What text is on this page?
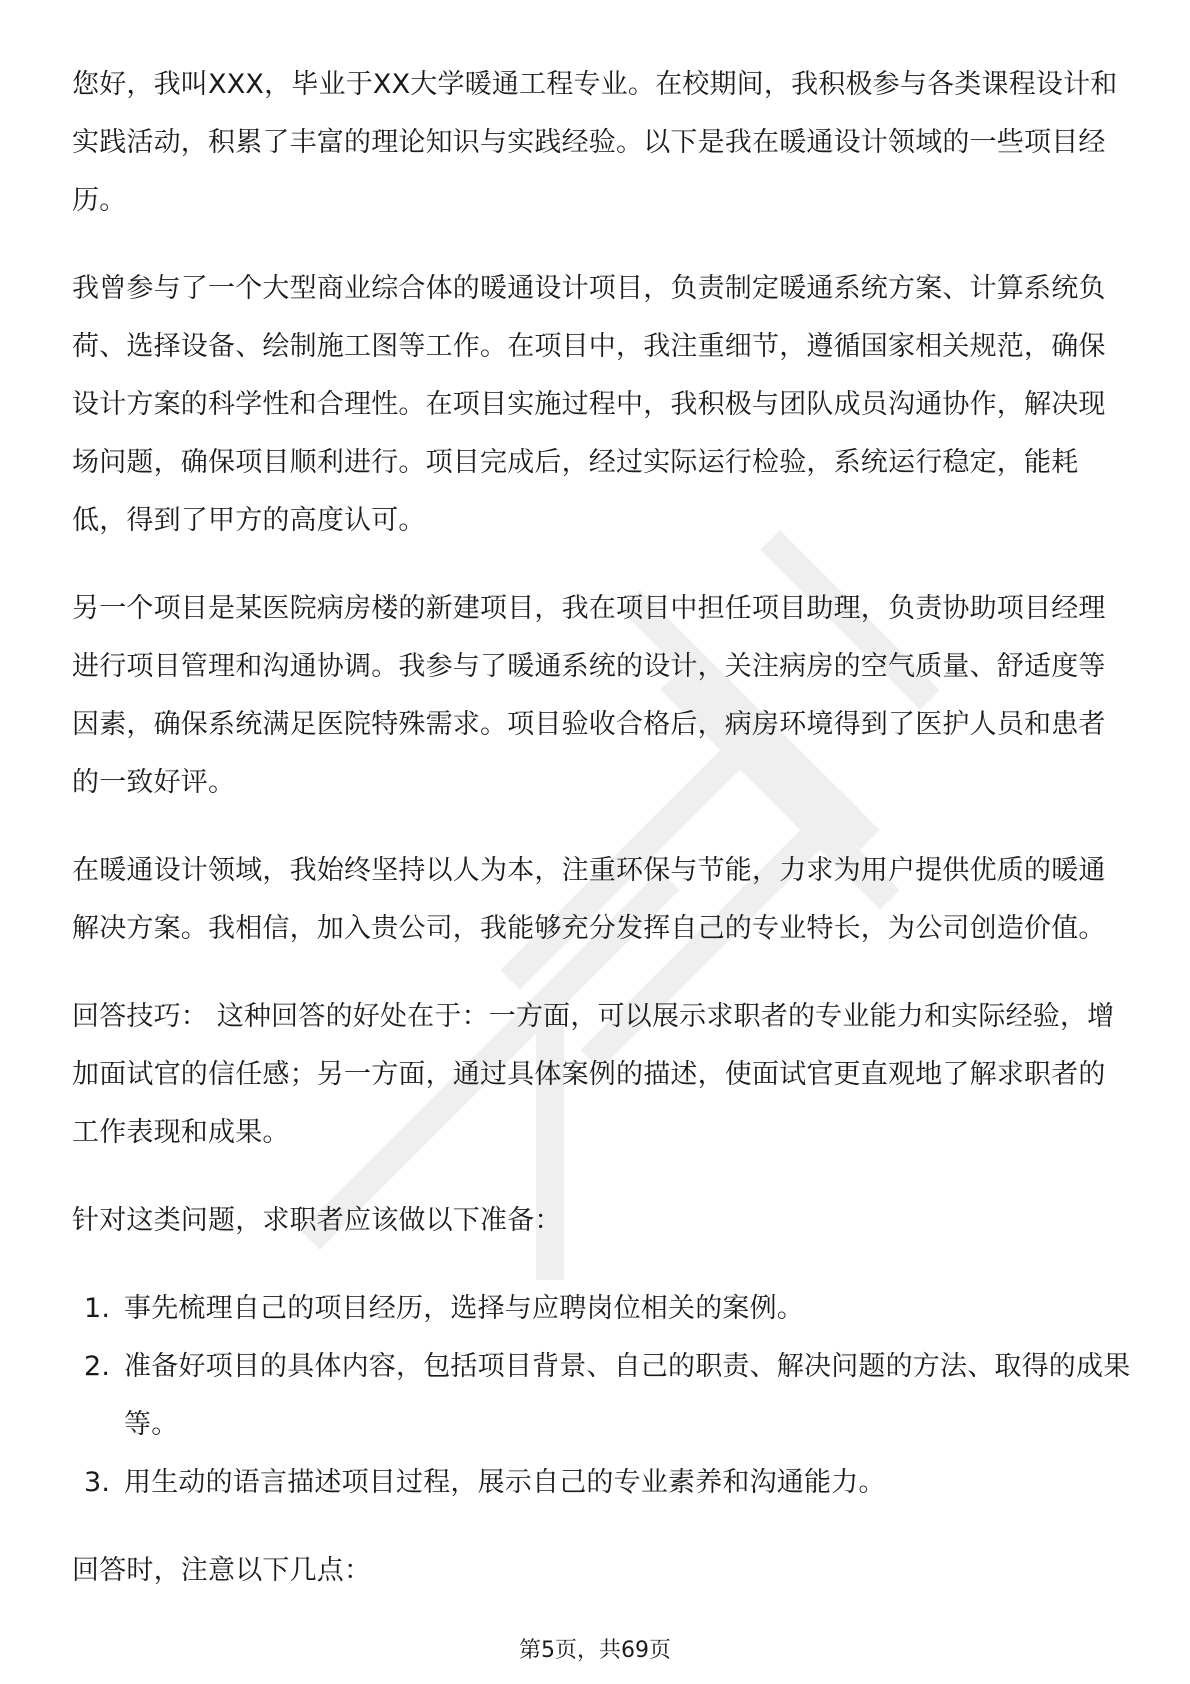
您好，我叫XXX，毕业于XX大学暖通工程专业。在校期间，我积极参与各类课程设计和实践活动，积累了丰富的理论知识与实践经验。以下是我在暖通设计领域的一些项目经历。

我曾参与了一个大型商业综合体的暖通设计项目，负责制定暖通系统方案、计算系统负荷、选择设备、绘制施工图等工作。在项目中，我注重细节，遵循国家相关规范，确保设计方案的科学性和合理性。在项目实施过程中，我积极与团队成员沟通协作，解决现场问题，确保项目顺利进行。项目完成后，经过实际运行检验，系统运行稳定，能耗低，得到了甲方的高度认可。

另一个项目是某医院病房楼的新建项目，我在项目中担任项目助理，负责协助项目经理进行项目管理和沟通协调。我参与了暖通系统的设计，关注病房的空气质量、舒适度等因素，确保系统满足医院特殊需求。项目验收合格后，病房环境得到了医护人员和患者的一致好评。

在暖通设计领域，我始终坚持以人为本，注重环保与节能，力求为用户提供优质的暖通解决方案。我相信，加入贵公司，我能够充分发挥自己的专业特长，为公司创造价值。

回答技巧： 这种回答的好处在于：一方面，可以展示求职者的专业能力和实际经验，增加面试官的信任感；另一方面，通过具体案例的描述，使面试官更直观地了解求职者的工作表现和成果。

针对这类问题，求职者应该做以下准备：

1. 事先梳理自己的项目经历，选择与应聘岗位相关的案例。
2. 准备好项目的具体内容，包括项目背景、自己的职责、解决问题的方法、取得的成果等。
3. 用生动的语言描述项目过程，展示自己的专业素养和沟通能力。

回答时，注意以下几点：

第5页，共69页
